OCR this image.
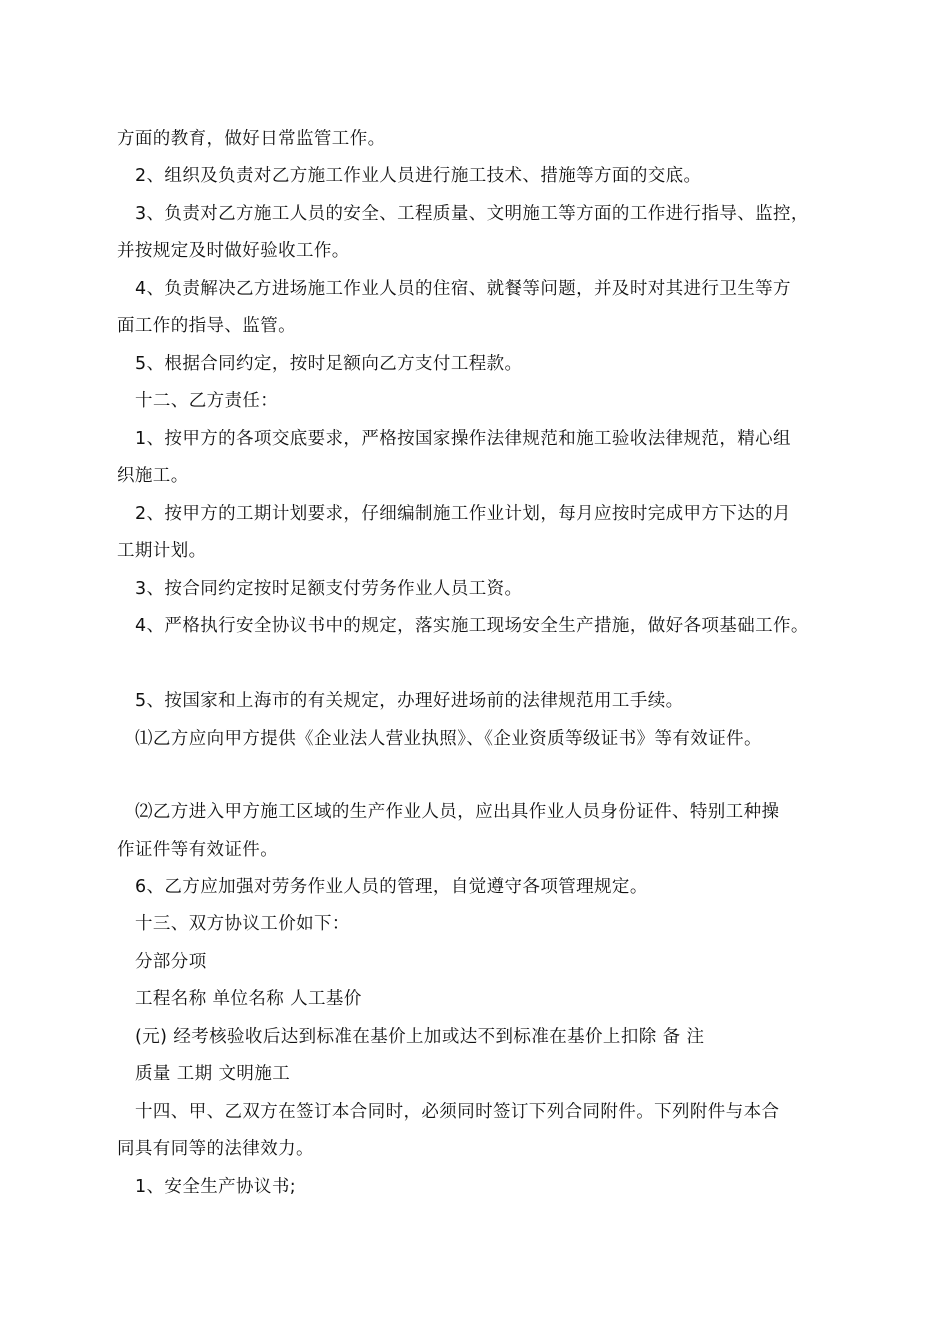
方面的教育，做好日常监管工作。
2、组织及负责对乙方施工作业人员进行施工技术、措施等方面的交底。
3、负责对乙方施工人员的安全、工程质量、文明施工等方面的工作进行指导、监控，
并按规定及时做好验收工作。
4、负责解决乙方进场施工作业人员的住宿、就餐等问题，并及时对其进行卫生等方
面工作的指导、监管。
5、根据合同约定，按时足额向乙方支付工程款。
十二、乙方责任：
1、按甲方的各项交底要求，严格按国家操作法律规范和施工验收法律规范，精心组
织施工。
2、按甲方的工期计划要求，仔细编制施工作业计划，每月应按时完成甲方下达的月
工期计划。
3、按合同约定按时足额支付劳务作业人员工资。
4、严格执行安全协议书中的规定，落实施工现场安全生产措施，做好各项基础工作。
5、按国家和上海市的有关规定，办理好进场前的法律规范用工手续。
⑴乙方应向甲方提供《企业法人营业执照》、《企业资质等级证书》等有效证件。
⑵乙方进入甲方施工区域的生产作业人员，应出具作业人员身份证件、特别工种操
作证件等有效证件。
6、乙方应加强对劳务作业人员的管理，自觉遵守各项管理规定。
十三、双方协议工价如下：
分部分项
工程名称 单位名称 人工基价
(元) 经考核验收后达到标准在基价上加或达不到标准在基价上扣除 备 注
质量 工期 文明施工
十四、甲、乙双方在签订本合同时，必须同时签订下列合同附件。下列附件与本合
同具有同等的法律效力。
1、安全生产协议书;
